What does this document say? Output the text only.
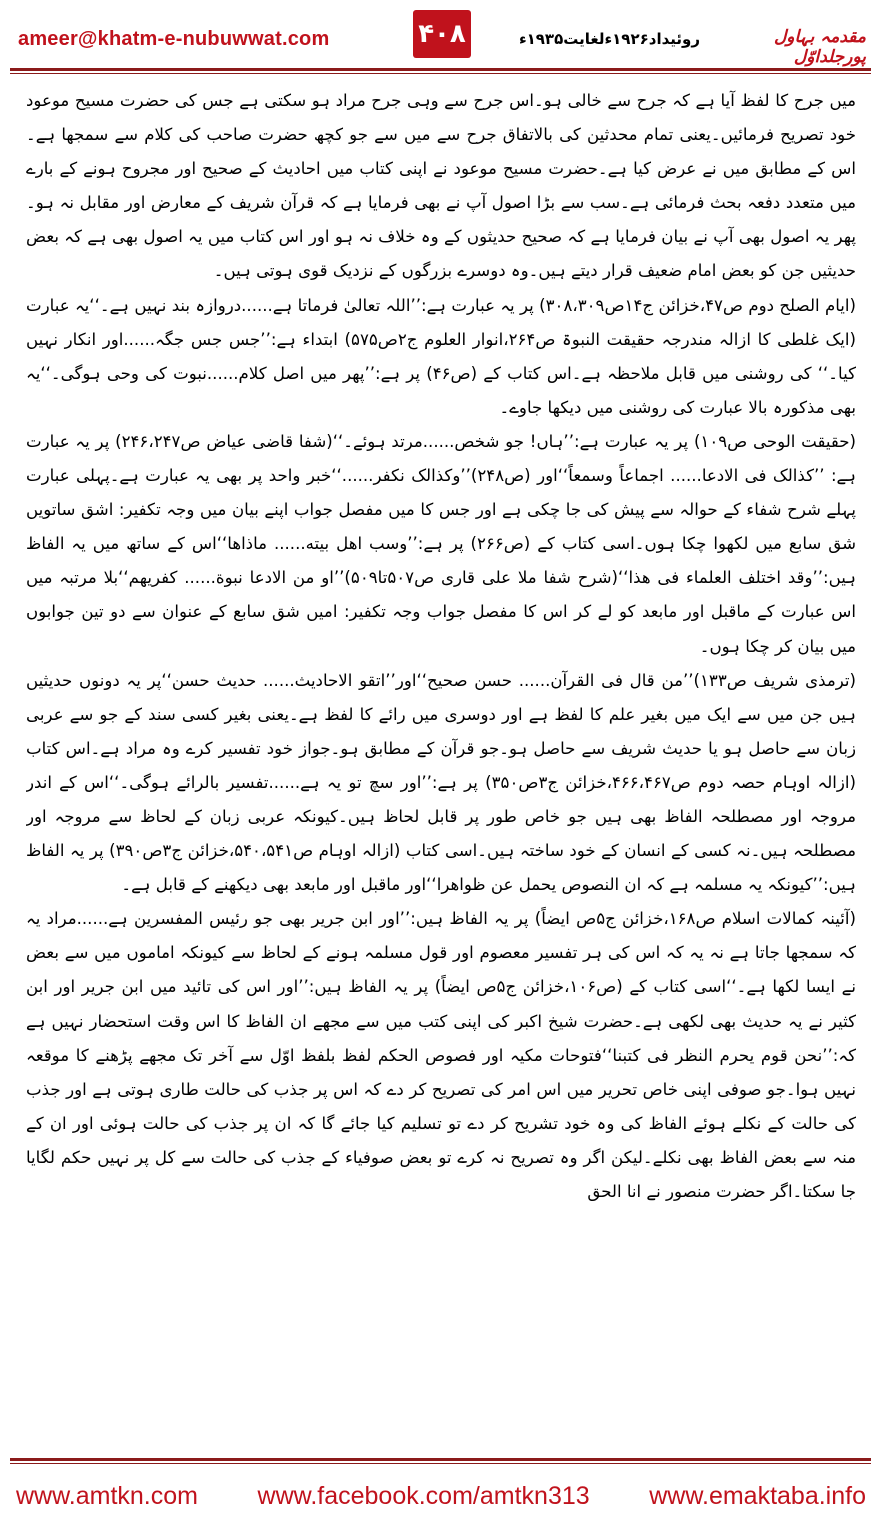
ameer@khatm-e-nubuwwat.com	۴۰۸	روئیداد۱۹۲۶ءلغایت۱۹۳۵ء	مقدمہ بہاول پورجلداوّل

میں جرح کا لفظ آیا ہے کہ جرح سے خالی ہو۔اس جرح سے وہی جرح مراد ہو سکتی ہے جس کی حضرت مسیح موعود خود تصریح فرمائیں۔یعنی تمام محدثین کی بالاتفاق جرح سے میں سے جو کچھ حضرت صاحب کی کلام سے سمجھا ہے۔اس کے مطابق میں نے عرض کیا ہے۔حضرت مسیح موعود نے اپنی کتاب میں احادیث کے صحیح اور مجروح ہونے کے بارے میں متعدد دفعہ بحث فرمائی ہے۔سب سے بڑا اصول آپ نے بھی فرمایا ہے کہ قرآن شریف کے معارض اور مقابل نہ ہو۔پھر یہ اصول بھی آپ نے بیان فرمایا ہے کہ صحیح حدیثوں کے وہ خلاف نہ ہو اور اس کتاب میں یہ اصول بھی ہے کہ بعض حدیثیں جن کو بعض امام ضعیف قرار دیتے ہیں۔وہ دوسرے بزرگوں کے نزدیک قوی ہوتی ہیں۔

(ایام الصلح دوم ص۴۷،خزائن ج۱۴ص۳۰۸،۳۰۹) پر یہ عبارت ہے:’’اللہ تعالیٰ فرماتا ہے......دروازہ بند نہیں ہے۔‘‘یہ عبارت (ایک غلطی کا ازالہ مندرجہ حقیقت النبوۃ ص۲۶۴،انوار العلوم ج۲ص۵۷۵) ابتداء ہے:’’جس جس جگہ......اور انکار نہیں کیا۔‘‘ کی روشنی میں قابل ملاحظہ ہے۔اس کتاب کے (ص۴۶) پر ہے:’’پھر میں اصل کلام......نبوت کی وحی ہوگی۔‘‘یہ بھی مذکورہ بالا عبارت کی روشنی میں دیکھا جاوے۔

(حقیقت الوحی ص۱۰۹) پر یہ عبارت ہے:’’ہاں! جو شخص......مرتد ہوئے۔‘‘(شفا قاضی عیاض ص۲۴۶،۲۴۷) پر یہ عبارت ہے: ’’کذالک فی الادعا...... اجماعاً وسمعاً‘‘اور (ص۲۴۸)’’وکذالک نکفر......‘‘خبر واحد پر بھی یہ عبارت ہے۔پہلی عبارت پہلے شرح شفاء کے حوالہ سے پیش کی جا چکی ہے اور جس کا میں مفصل جواب اپنے بیان میں وجہ تکفیر: اشق ساتویں شق سابع میں لکھوا چکا ہوں۔اسی کتاب کے (ص۲۶۶) پر ہے:’’وسب اهل بیته...... ماذاها‘‘اس کے ساتھ میں یہ الفاظ ہیں:’’وقد اختلف العلماء فی هذا‘‘(شرح شفا ملا علی قاری ص۵۰۷تا۵۰۹)’’او من الادعا نبوة...... کفریهم‘‘بلا مرتبہ میں اس عبارت کے ماقبل اور مابعد کو لے کر اس کا مفصل جواب وجہ تکفیر: امیں شق سابع کے عنوان سے دو تین جوابوں میں بیان کر چکا ہوں۔

(ترمذی شریف ص۱۳۳)’’من قال فی القرآن...... حسن صحیح‘‘اور’’اتقو الاحادیث...... حدیث حسن‘‘پر یہ دونوں حدیثیں ہیں جن میں سے ایک میں بغیر علم کا لفظ ہے اور دوسری میں رائے کا لفظ ہے۔یعنی بغیر کسی سند کے جو سے عربی زبان سے حاصل ہو یا حدیث شریف سے حاصل ہو۔جو قرآن کے مطابق ہو۔جواز خود تفسیر کرے وہ مراد ہے۔اس کتاب (ازالہ اوہام حصہ دوم ص۴۶۶،۴۶۷،خزائن ج۳ص۳۵۰) پر ہے:’’اور سچ تو یہ ہے......تفسیر بالرائے ہوگی۔‘‘اس کے اندر مروجہ اور مصطلحہ الفاظ بھی ہیں جو خاص طور پر قابل لحاظ ہیں۔کیونکہ عربی زبان کے لحاظ سے مروجہ اور مصطلحہ ہیں۔نہ کسی کے انسان کے خود ساختہ ہیں۔اسی کتاب (ازالہ اوہام ص۵۴۰،۵۴۱،خزائن ج۳ص۳۹۰) پر یہ الفاظ ہیں:’’کیونکہ یہ مسلمہ ہے کہ ان النصوص یحمل عن ظواهرا‘‘اور ماقبل اور مابعد بھی دیکھنے کے قابل ہے۔

(آئینہ کمالات اسلام ص۱۶۸،خزائن ج۵ص ایضاً) پر یہ الفاظ ہیں:’’اور ابن جریر بھی جو رئیس المفسرین ہے......مراد یہ کہ سمجھا جاتا ہے نہ یہ کہ اس کی ہر تفسیر معصوم اور قول مسلمہ ہونے کے لحاظ سے کیونکہ اماموں میں سے بعض نے ایسا لکھا ہے۔‘‘اسی کتاب کے (ص۱۰۶،خزائن ج۵ص ایضاً) پر یہ الفاظ ہیں:’’اور اس کی تائید میں ابن جریر اور ابن کثیر نے یہ حدیث بھی لکھی ہے۔حضرت شیخ اکبر کی اپنی کتب میں سے مجھے ان الفاظ کا اس وقت استحضار نہیں ہے کہ:’’نحن قوم یحرم النظر فی کتبنا‘‘فتوحات مکیہ اور فصوص الحکم لفظ بلفظ اوّل سے آخر تک مجھے پڑھنے کا موقعہ نہیں ہوا۔جو صوفی اپنی خاص تحریر میں اس امر کی تصریح کر دے کہ اس پر جذب کی حالت طاری ہوتی ہے اور جذب کی حالت کے نکلے ہوئے الفاظ کی وہ خود تشریح کر دے تو تسلیم کیا جائے گا کہ ان پر جذب کی حالت ہوئی اور ان کے منہ سے بعض الفاظ بھی نکلے۔لیکن اگر وہ تصریح نہ کرے تو بعض صوفیاء کے جذب کی حالت سے کل پر نہیں حکم لگایا جا سکتا۔اگر حضرت منصور نے انا الحق

www.amtkn.com www.facebook.com/amtkn313 www.emaktaba.info
